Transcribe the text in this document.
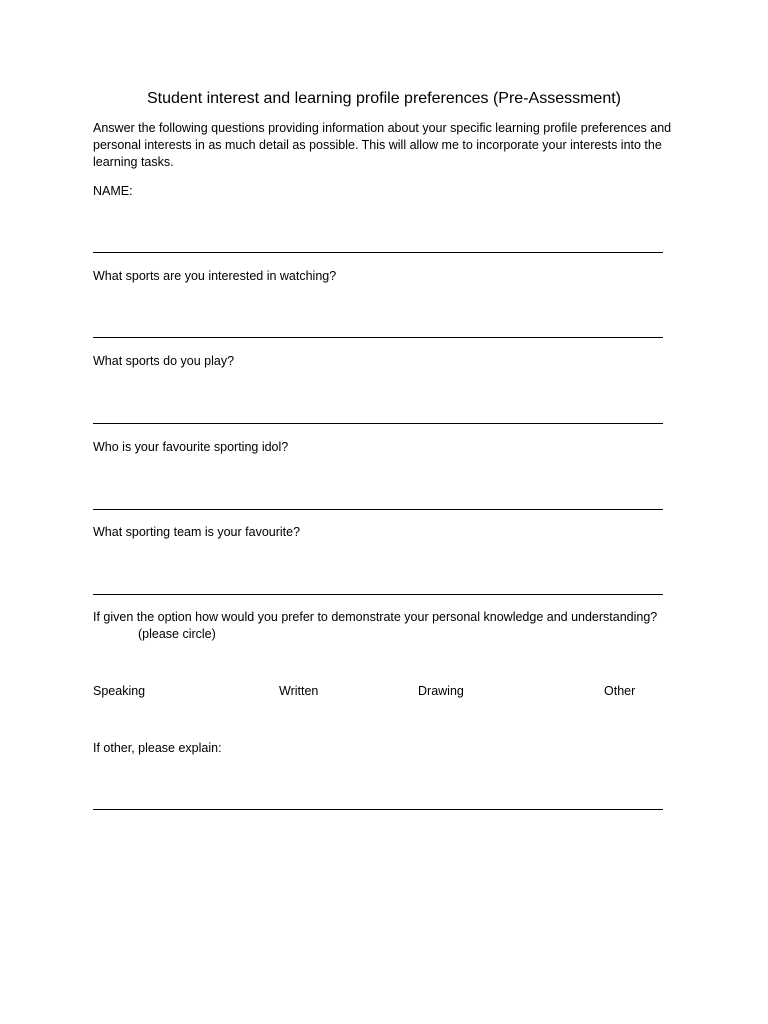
Student interest and learning profile preferences (Pre-Assessment)

Answer the following questions providing information about your specific learning profile preferences and personal interests in as much detail as possible. This will allow me to incorporate your interests into the learning tasks.

NAME:
What sports are you interested in watching?
What sports do you play?
Who is your favourite sporting idol?
What sporting team is your favourite?
If given the option how would you prefer to demonstrate your personal knowledge and understanding?
(please circle)
Speaking	Written	Drawing	Other
If other, please explain:
